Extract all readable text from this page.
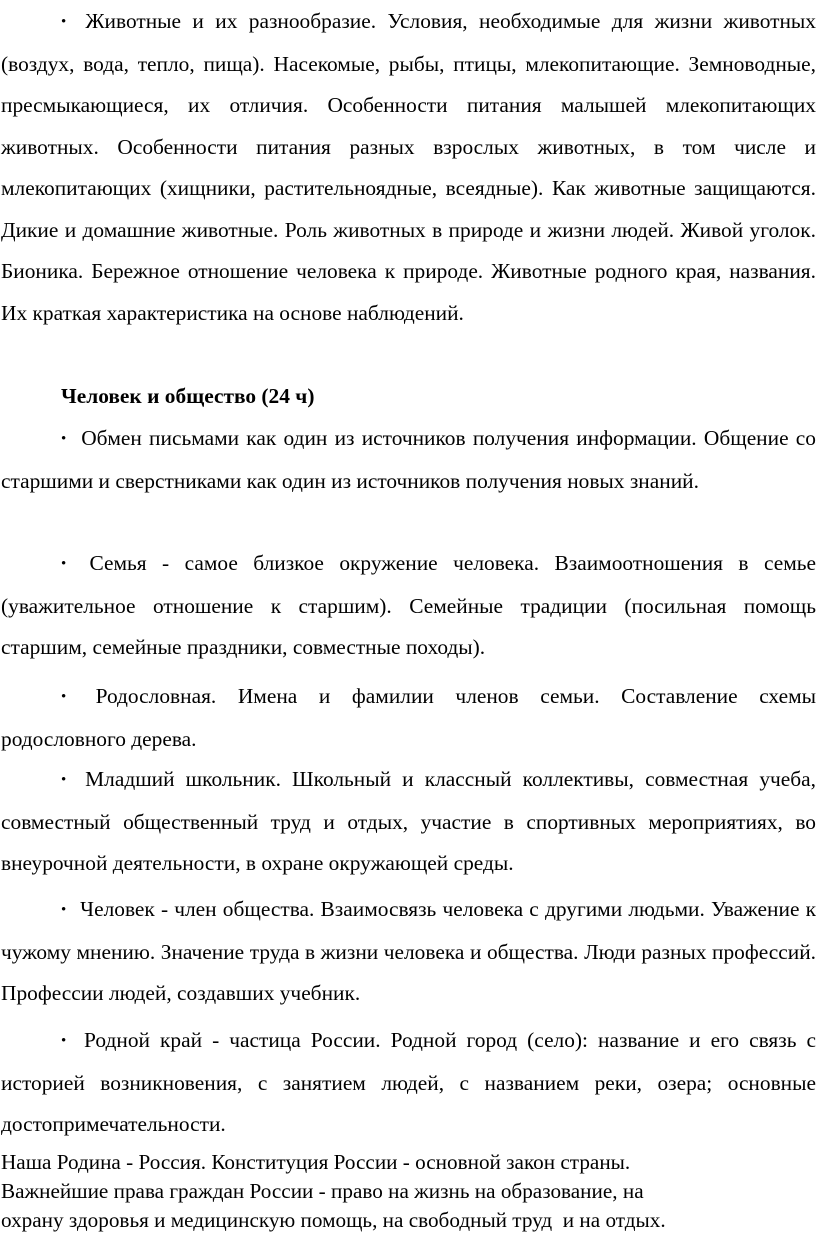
• Животные и их разнообразие. Условия, необходимые для жизни животных (воздух, вода, тепло, пища). Насекомые, рыбы, птицы, млекопитающие. Земноводные, пресмыкающиеся, их отличия. Особенности питания малышей млекопитающих животных. Особенности питания разных взрослых животных, в том числе и млекопитающих (хищники, растительноядные, всеядные). Как животные защищаются. Дикие и домашние животные. Роль животных в природе и жизни людей. Живой уголок. Бионика. Бережное отношение человека к природе. Животные родного края, названия. Их краткая характеристика на основе наблюдений.

Человек и общество (24 ч)

• Обмен письмами как один из источников получения информации. Общение со старшими и сверстниками как один из источников получения новых знаний.

• Семья - самое близкое окружение человека. Взаимоотношения в семье (уважительное отношение к старшим). Семейные традиции (посильная помощь старшим, семейные праздники, совместные походы).

• Родословная. Имена и фамилии членов семьи. Составление схемы родословного дерева.

• Младший школьник. Школьный и классный коллективы, совместная учеба, совместный общественный труд и отдых, участие в спортивных мероприятиях, во внеурочной деятельности, в охране окружающей среды.

• Человек - член общества. Взаимосвязь человека с другими людьми. Уважение к чужому мнению. Значение труда в жизни человека и общества. Люди разных профессий. Профессии людей, создавших учебник.

• Родной край - частица России. Родной город (село): название и его связь с историей возникновения, с занятием людей, с названием реки, озера; основные достопримечательности.

Наша Родина - Россия. Конституция России - основной закон страны.
Важнейшие права граждан России - право на жизнь на образование, на
охрану здоровья и медицинскую помощь, на свободный труд  и на отдых.
